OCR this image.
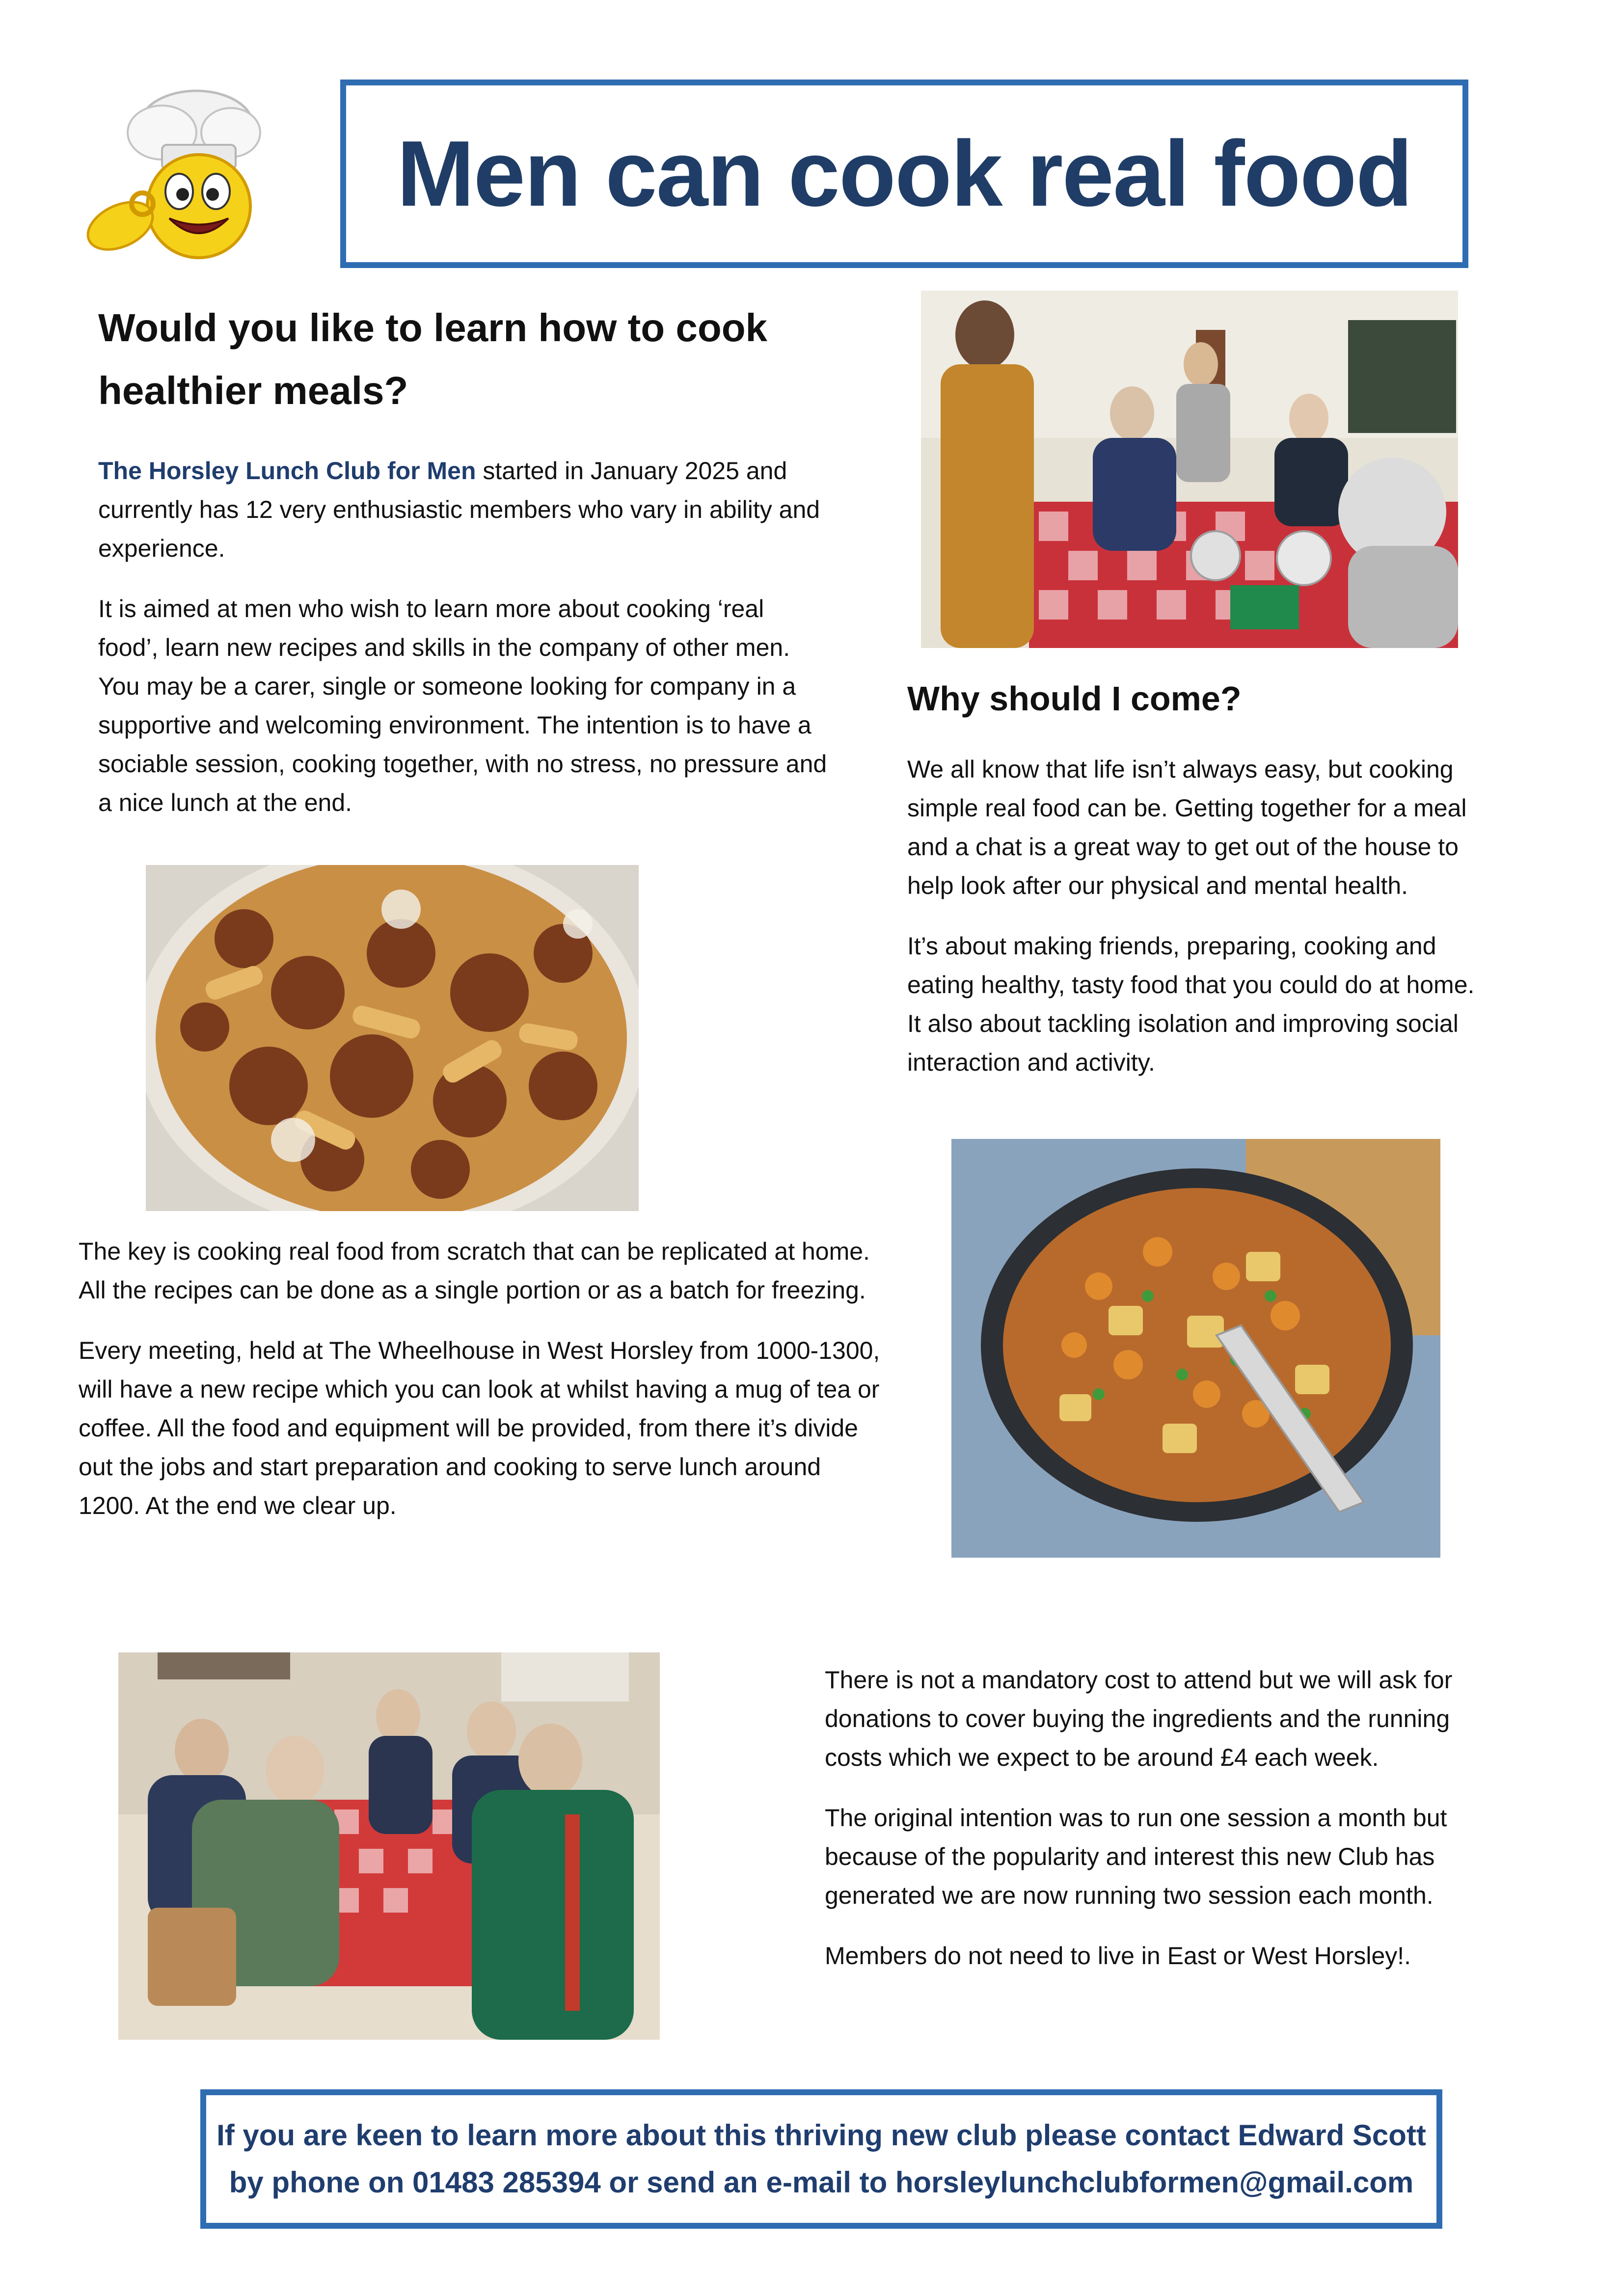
Men can cook real food
Would you like to learn how to cook healthier meals?

The Horsley Lunch Club for Men started in January 2025 and currently has 12 very enthusiastic members who vary in ability and experience.

It is aimed at men who wish to learn more about cooking ‘real food’, learn new recipes and skills in the company of other men. You may be a carer, single or someone looking for company in a supportive and welcoming environment. The intention is to have a sociable session, cooking together, with no stress, no pressure and a nice lunch at the end.

Why should I come?

We all know that life isn’t always easy, but cooking simple real food can be. Getting together for a meal and a chat is a great way to get out of the house to help look after our physical and mental health.

It’s about making friends, preparing, cooking and eating healthy, tasty food that you could do at home. It also about tackling isolation and improving social interaction and activity.

The key is cooking real food from scratch that can be replicated at home. All the recipes can be done as a single portion or as a batch for freezing.

Every meeting, held at The Wheelhouse in West Horsley from 1000-1300, will have a new recipe which you can look at whilst having a mug of tea or coffee. All the food and equipment will be provided, from there it’s divide out the jobs and start preparation and cooking to serve lunch around 1200. At the end we clear up.

There is not a mandatory cost to attend but we will ask for donations to cover buying the ingredients and the running costs which we expect to be around £4 each week.

The original intention was to run one session a month but because of the popularity and interest this new Club has generated we are now running two session each month.

Members do not need to live in East or West Horsley!.

If you are keen to learn more about this thriving new club please contact Edward Scott
by phone on 01483 285394 or send an e-mail to horsleylunchclubformen@gmail.com
